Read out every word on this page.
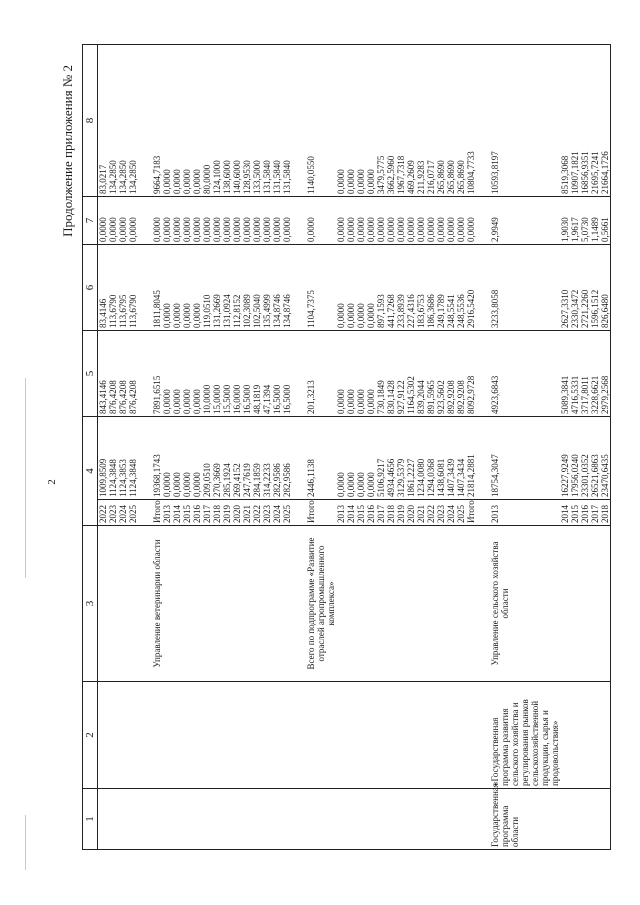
2
Продолжение приложения № 2
1	2	3	4		5	6	7	8
			2022	1009,8509	843,4146	83,4146	0,0000	83,0217
			2023	1124,3848	876,4208	113,6790	0,0000	134,2850
			2024	1124,3853	876,4208	113,6795	0,0000	134,2850
			2025	1124,3848	876,4208	113,6790	0,0000	134,2850
		Управление ветеринарии области	Итого	19368,1743	7891,6515	1811,8045	0,0000	9664,7183
			2013	0,0000	0,0000	0,0000	0,0000	0,0000
			2014	0,0000	0,0000	0,0000	0,0000	0,0000
			2015	0,0000	0,0000	0,0000	0,0000	0,0000
			2016	0,0000	0,0000	0,0000	0,0000	0,0000
			2017	209,0510	10,0000	119,0510	0,0000	80,0000
			2018	270,3669	15,0000	131,2669	0,0000	124,1000
			2019	285,1924	15,5000	131,0924	0,0000	138,6000
			2020	269,4152	16,0000	112,8152	0,0000	140,6000
			2021	247,7619	16,5000	102,3089	0,0000	128,9530
			2022	284,1859	48,1819	102,5040	0,0000	133,5000
			2023	314,2233	47,1394	135,4999	0,0000	131,5840
			2024	282,9586	16,5000	134,8746	0,0000	131,5840
			2025	282,9586	16,5000	134,8746	0,0000	131,5840
		Всего по подпрограмме «Развитие отраслей агропромышленного комплекса»	Итого	2446,1138	201,3213	1104,7375	0,0000	1140,0550
			2013	0,0000	0,0000	0,0000	0,0000	0,0000
			2014	0,0000	0,0000	0,0000	0,0000	0,0000
			2015	0,0000	0,0000	0,0000	0,0000	0,0000
			2016	0,0000	0,0000	0,0000	0,0000	0,0000
			2017	5106,9217	730,1849	897,1593	0,0000	3479,5775
			2018	4934,4656	830,1428	441,7268	0,0000	3662,5960
			2019	3129,5379	927,9122	233,8939	0,0000	1967,7318
			2020	1861,2227	1164,5302	227,4316	0,0000	469,2609
			2021	1234,0080	839,2044	183,6753	0,0000	211,9283
			2022	1294,0368	891,5965	186,3686	0,0000	216,0717
			2023	1438,6081	923,5602	249,1789	0,0000	265,8690
			2024	1407,3439	892,9208	248,5541	0,0000	265,8690
			2025	1407,3434	892,9208	248,5536	0,0000	265,8690
			Итого	21814,2881	8092,9728	2916,5420	0,0000	10804,7733
Государственная программа области	«Государственная программа развития сельского хозяйства и регулирования рынков сельскохозяйственной продукции, сырья и продовольствия»	Управление сельского хозяйства области	2013	18754,3047	4923,6843	3233,8058	2,9949	10593,8197
			2014	16227,9249	5089,3841	2627,3310	1,9030	8519,3068
			2015	17956,0240	4716,5331	2330,3472	1,9617	10907,1821
			2016	23301,0352	3717,8011	2721,2260	5,0730	16856,9351
			2017	26521,6863	3228,6621	1596,1512	1,1489	21695,7241
			2018	23470,6435	2979,2568	826,6480	0,5661	21664,1726
